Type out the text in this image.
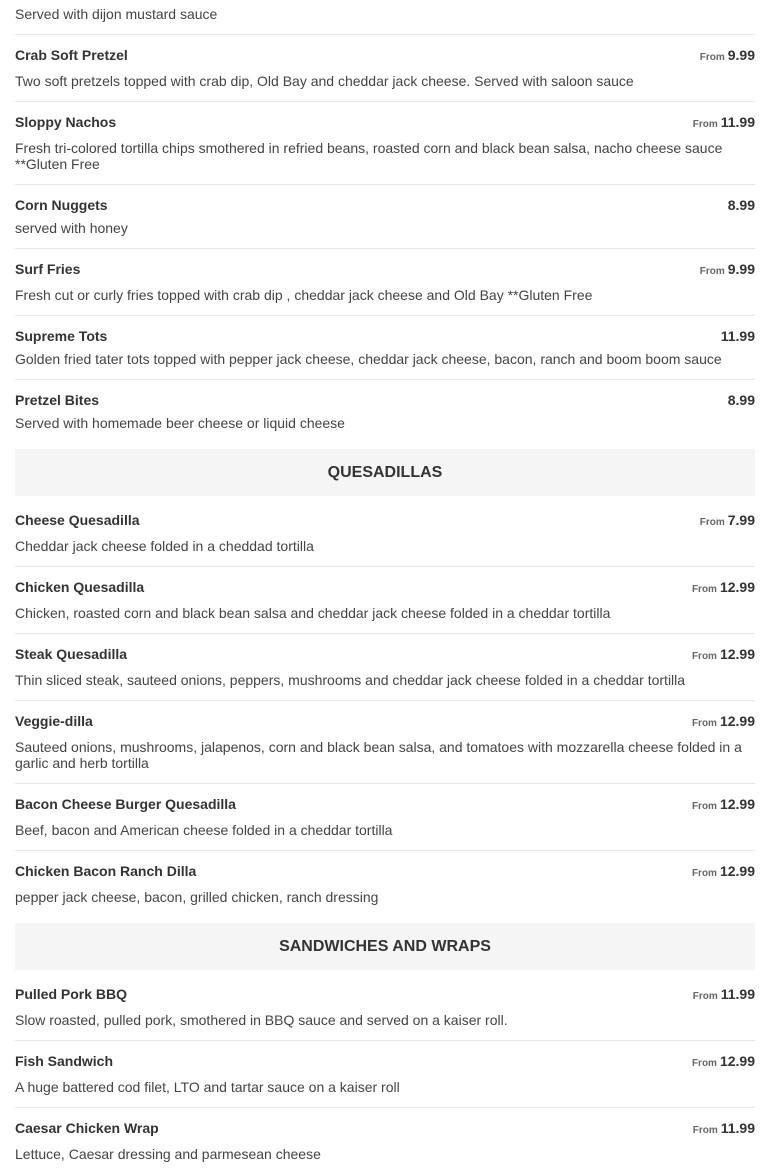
Served with dijon mustard sauce
Crab Soft Pretzel	From 9.99
Two soft pretzels topped with crab dip, Old Bay and cheddar jack cheese. Served with saloon sauce
Sloppy Nachos	From 11.99
Fresh tri-colored tortilla chips smothered in refried beans, roasted corn and black bean salsa, nacho cheese sauce **Gluten Free
Corn Nuggets	8.99
served with honey
Surf Fries	From 9.99
Fresh cut or curly fries topped with crab dip , cheddar jack cheese and Old Bay **Gluten Free
Supreme Tots	11.99
Golden fried tater tots topped with pepper jack cheese, cheddar jack cheese, bacon, ranch and boom boom sauce
Pretzel Bites	8.99
Served with homemade beer cheese or liquid cheese
QUESADILLAS
Cheese Quesadilla	From 7.99
Cheddar jack cheese folded in a cheddad tortilla
Chicken Quesadilla	From 12.99
Chicken, roasted corn and black bean salsa and cheddar jack cheese folded in a cheddar tortilla
Steak Quesadilla	From 12.99
Thin sliced steak, sauteed onions, peppers, mushrooms and cheddar jack cheese folded in a cheddar tortilla
Veggie-dilla	From 12.99
Sauteed onions, mushrooms, jalapenos, corn and black bean salsa, and tomatoes with mozzarella cheese folded in a garlic and herb tortilla
Bacon Cheese Burger Quesadilla	From 12.99
Beef, bacon and American cheese folded in a cheddar tortilla
Chicken Bacon Ranch Dilla	From 12.99
pepper jack cheese, bacon, grilled chicken, ranch dressing
SANDWICHES AND WRAPS
Pulled Pork BBQ	From 11.99
Slow roasted, pulled pork, smothered in BBQ sauce and served on a kaiser roll.
Fish Sandwich	From 12.99
A huge battered cod filet, LTO and tartar sauce on a kaiser roll
Caesar Chicken Wrap	From 11.99
Lettuce, Caesar dressing and parmesean cheese
